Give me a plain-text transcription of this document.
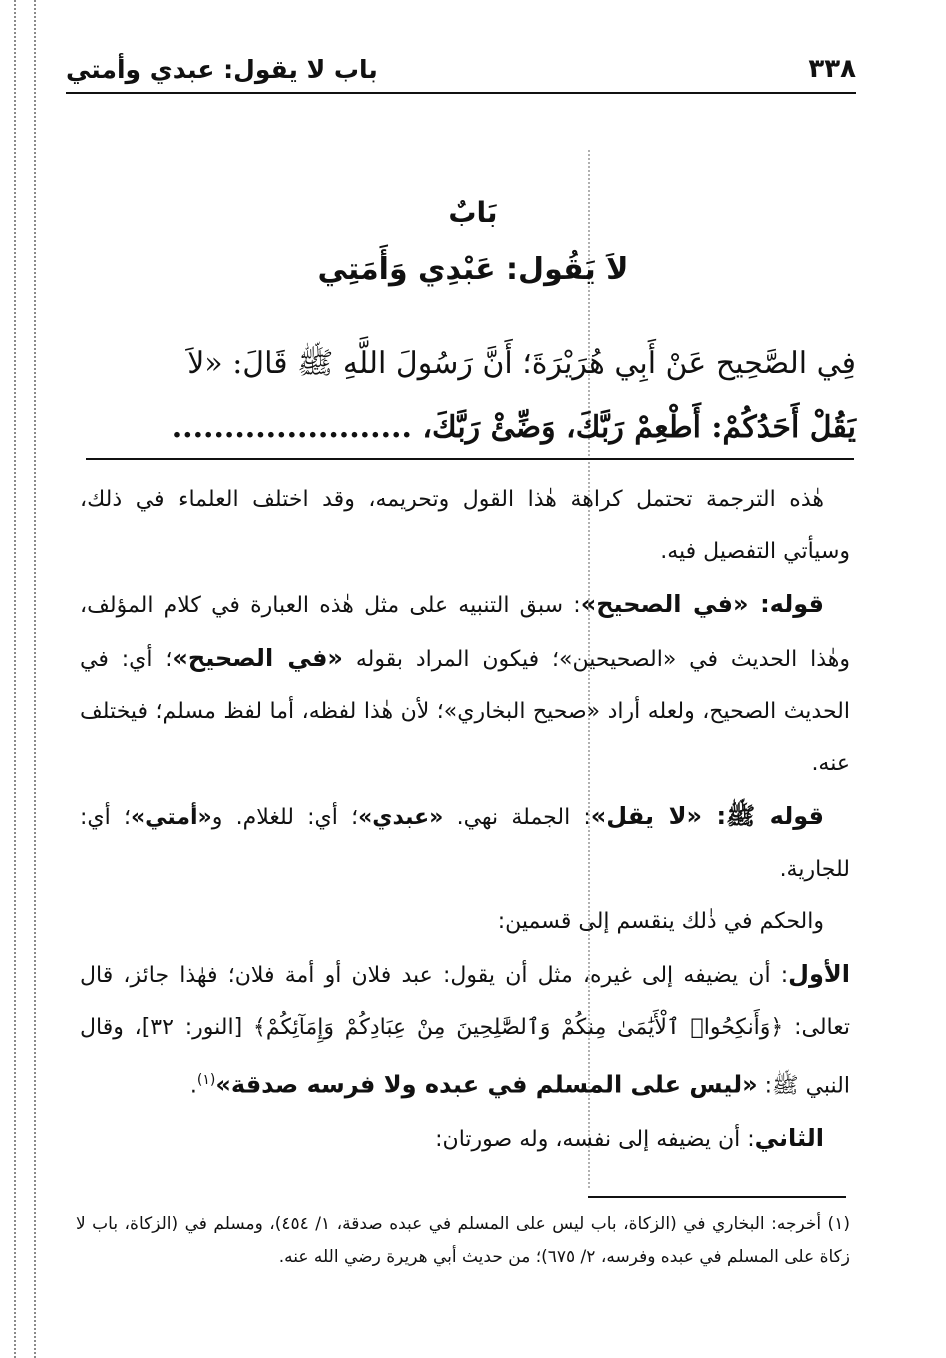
٣٣٨
باب لا يقول: عبدي وأمتي
بَابٌ
لاَ يَقُول: عَبْدِي وَأَمَتِي
فِي الصَّحِيح عَنْ أَبِي هُرَيْرَةَ؛ أَنَّ رَسُولَ اللَّهِ ﷺ قَالَ: «لاَ
يَقُلْ أَحَدُكُمْ: أَطْعِمْ رَبَّكَ، وَضِّئْ رَبَّكَ، .......................

هٰذه الترجمة تحتمل كراهة هٰذا القول وتحريمه، وقد اختلف العلماء في ذلك، وسيأتي التفصيل فيه.

قوله: «في الصحيح»: سبق التنبيه على مثل هٰذه العبارة في كلام المؤلف، وهٰذا الحديث في «الصحيحين»؛ فيكون المراد بقوله «في الصحيح»؛ أي: في الحديث الصحيح، ولعله أراد «صحيح البخاري»؛ لأن هٰذا لفظه، أما لفظ مسلم؛ فيختلف عنه.

قوله ﷺ: «لا يقل»: الجملة نهي. «عبدي»؛ أي: للغلام. و«أمتي»؛ أي: للجارية.

والحكم في ذٰلك ينقسم إلى قسمين:

الأول: أن يضيفه إلى غيره، مثل أن يقول: عبد فلان أو أمة فلان؛ فهٰذا جائز، قال تعالى: ﴿وَأَنكِحُوا۟ ٱلْأَيَٰمَىٰ مِنكُمْ وَٱلصَّٰلِحِينَ مِنْ عِبَادِكُمْ وَإِمَآئِكُمْ﴾ [النور: ٣٢]، وقال النبي ﷺ: «ليس على المسلم في عبده ولا فرسه صدقة»$^{(١)}$.

الثاني: أن يضيفه إلى نفسه، وله صورتان:

(١) أخرجه: البخاري في (الزكاة، باب ليس على المسلم في عبده صدقة، ١/ ٤٥٤)، ومسلم في (الزكاة، باب لا زكاة على المسلم في عبده وفرسه، ٢/ ٦٧٥)؛ من حديث أبي هريرة رضي الله عنه.
